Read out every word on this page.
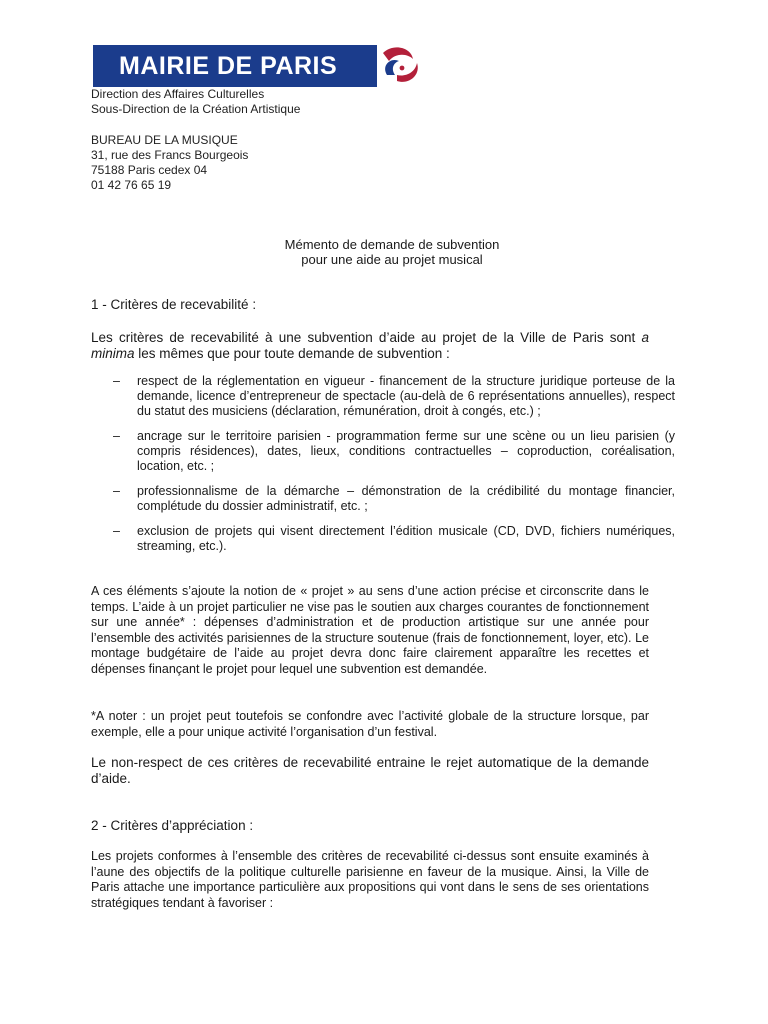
MAIRIE DE PARIS
Direction des Affaires Culturelles
Sous-Direction de la Création Artistique
BUREAU DE LA MUSIQUE
31, rue des Francs Bourgeois
75188 Paris cedex 04
01 42 76 65 19
Mémento de demande de subvention
pour une aide au projet musical
1 - Critères de recevabilité :
Les critères de recevabilité à une subvention d’aide au projet de la Ville de Paris sont a minima les mêmes que pour toute demande de subvention :
– respect de la réglementation en vigueur - financement de la structure juridique porteuse de la demande, licence d’entrepreneur de spectacle (au-delà de 6 représentations annuelles), respect du statut des musiciens (déclaration, rémunération, droit à congés, etc.) ;
– ancrage sur le territoire parisien - programmation ferme sur une scène ou un lieu parisien (y compris résidences), dates, lieux, conditions contractuelles – coproduction, coréalisation, location, etc. ;
– professionnalisme de la démarche – démonstration de la crédibilité du montage financier, complétude du dossier administratif, etc. ;
– exclusion de projets qui visent directement l’édition musicale (CD, DVD, fichiers numériques, streaming, etc.).
A ces éléments s’ajoute la notion de « projet » au sens d’une action précise et circonscrite dans le temps. L’aide à un projet particulier ne vise pas le soutien aux charges courantes de fonctionnement sur une année* : dépenses d’administration et de production artistique sur une année pour l’ensemble des activités parisiennes de la structure soutenue (frais de fonctionnement, loyer, etc). Le montage budgétaire de l’aide au projet devra donc faire clairement apparaître les recettes et dépenses finançant le projet pour lequel une subvention est demandée.
*A noter : un projet peut toutefois se confondre avec l’activité globale de la structure lorsque, par exemple, elle a pour unique activité l’organisation d’un festival.
Le non-respect de ces critères de recevabilité entraine le rejet automatique de la demande d’aide.
2 - Critères d’appréciation :
Les projets conformes à l’ensemble des critères de recevabilité ci-dessus sont ensuite examinés à l’aune des objectifs de la politique culturelle parisienne en faveur de la musique. Ainsi, la Ville de Paris attache une importance particulière aux propositions qui vont dans le sens de ses orientations stratégiques tendant à favoriser :
